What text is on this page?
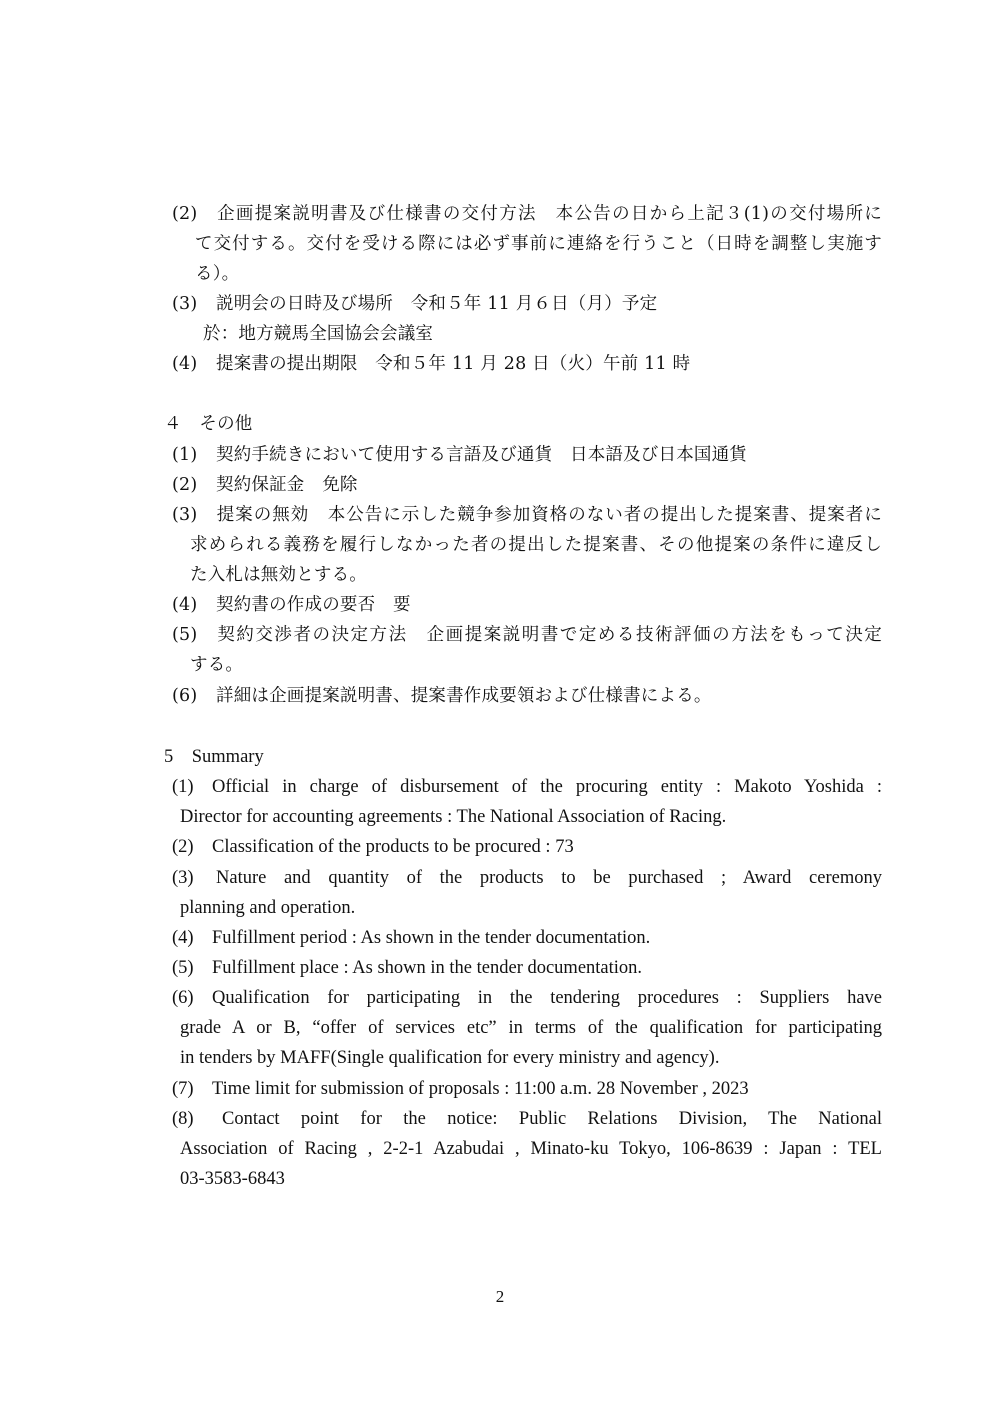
(2) 企画提案説明書及び仕様書の交付方法　本公告の日から上記３(1)の交付場所に
て交付する。交付を受ける際には必ず事前に連絡を行うこと（日時を調整し実施す
る）。
(3) 説明会の日時及び場所　令和５年 11 月６日（月）予定
於：地方競馬全国協会会議室
(4) 提案書の提出期限　令和５年 11 月 28 日（火）午前 11 時
４　その他
(1) 契約手続きにおいて使用する言語及び通貨　日本語及び日本国通貨
(2) 契約保証金　免除
(3) 提案の無効　本公告に示した競争参加資格のない者の提出した提案書、提案者に
求められる義務を履行しなかった者の提出した提案書、その他提案の条件に違反し
た入札は無効とする。
(4) 契約書の作成の要否　要
(5) 契約交渉者の決定方法　企画提案説明書で定める技術評価の方法をもって決定
する。
(6) 詳細は企画提案説明書、提案書作成要領および仕様書による。
5　Summary
(1) Official in charge of disbursement of the procuring entity : Makoto Yoshida :
Director for accounting agreements : The National Association of Racing.
(2) Classification of the products to be procured : 73
(3) Nature and quantity of the products to be purchased ; Award ceremony
planning and operation.
(4) Fulfillment period : As shown in the tender documentation.
(5) Fulfillment place : As shown in the tender documentation.
(6) Qualification for participating in the tendering procedures : Suppliers have
grade A or B, “offer of services etc” in terms of the qualification for participating
in tenders by MAFF(Single qualification for every ministry and agency).
(7) Time limit for submission of proposals : 11:00 a.m. 28 November , 2023
(8) Contact point for the notice: Public Relations Division, The National
Association of Racing , 2-2-1 Azabudai , Minato-ku Tokyo, 106-8639 : Japan : TEL
03-3583-6843
2
